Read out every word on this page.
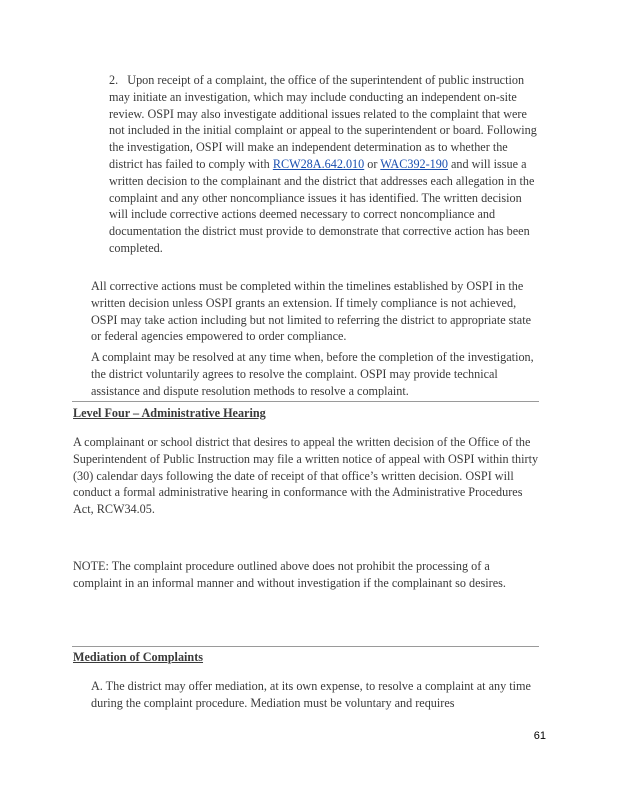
2. Upon receipt of a complaint, the office of the superintendent of public instruction may initiate an investigation, which may include conducting an independent on-site review. OSPI may also investigate additional issues related to the complaint that were not included in the initial complaint or appeal to the superintendent or board. Following the investigation, OSPI will make an independent determination as to whether the district has failed to comply with RCW28A.642.010 or WAC392-190 and will issue a written decision to the complainant and the district that addresses each allegation in the complaint and any other noncompliance issues it has identified. The written decision will include corrective actions deemed necessary to correct noncompliance and documentation the district must provide to demonstrate that corrective action has been completed.

All corrective actions must be completed within the timelines established by OSPI in the written decision unless OSPI grants an extension. If timely compliance is not achieved, OSPI may take action including but not limited to referring the district to appropriate state or federal agencies empowered to order compliance.

A complaint may be resolved at any time when, before the completion of the investigation, the district voluntarily agrees to resolve the complaint. OSPI may provide technical assistance and dispute resolution methods to resolve a complaint.

Level Four – Administrative Hearing

A complainant or school district that desires to appeal the written decision of the Office of the Superintendent of Public Instruction may file a written notice of appeal with OSPI within thirty (30) calendar days following the date of receipt of that office’s written decision. OSPI will conduct a formal administrative hearing in conformance with the Administrative Procedures Act, RCW34.05.

NOTE: The complaint procedure outlined above does not prohibit the processing of a complaint in an informal manner and without investigation if the complainant so desires.

Mediation of Complaints

A. The district may offer mediation, at its own expense, to resolve a complaint at any time during the complaint procedure. Mediation must be voluntary and requires

61
